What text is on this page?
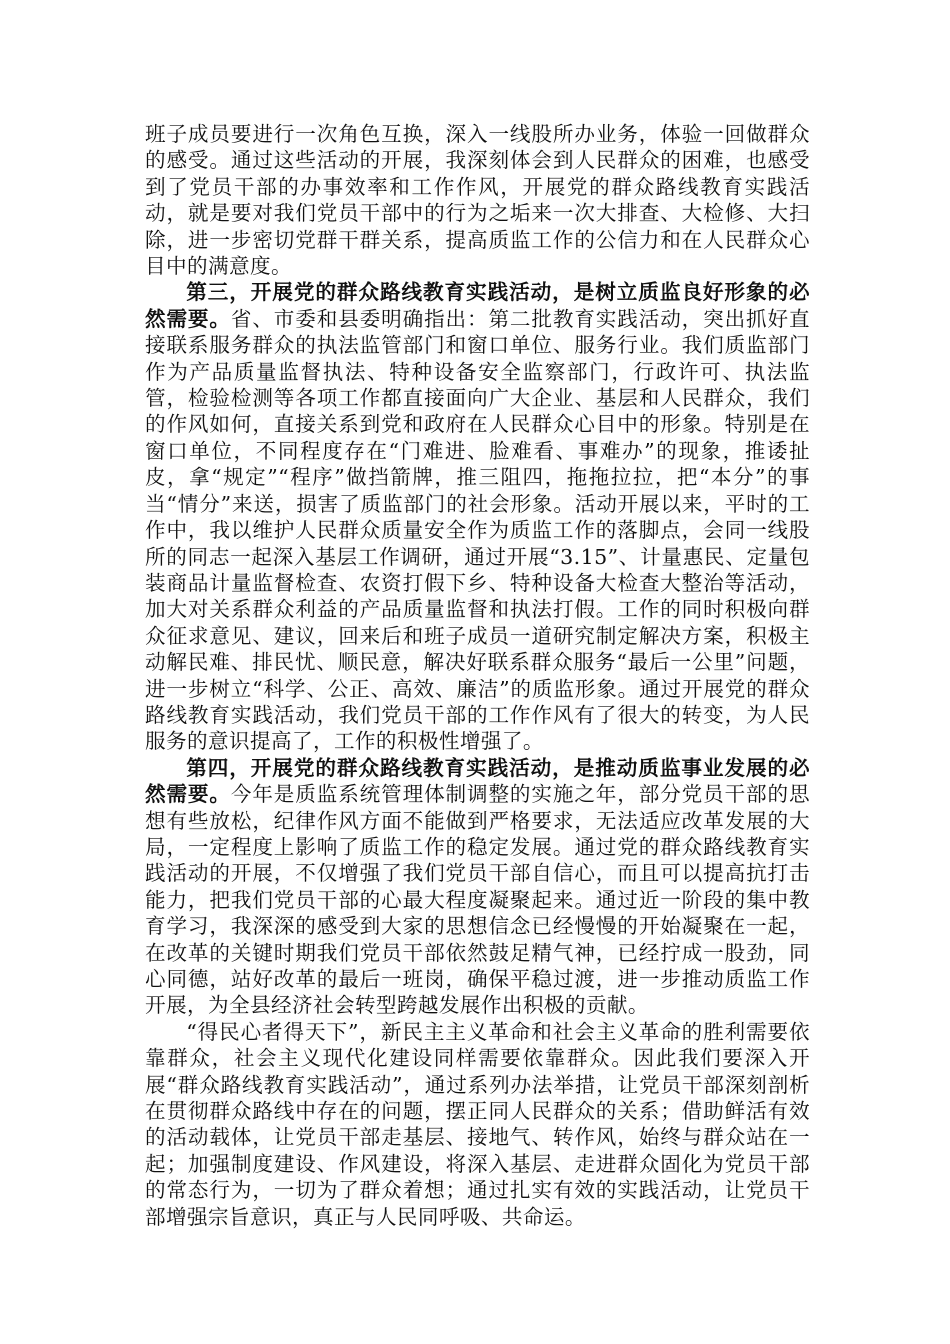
班子成员要进行一次角色互换，深入一线股所办业务，体验一回做群众的感受。通过这些活动的开展，我深刻体会到人民群众的困难，也感受到了党员干部的办事效率和工作作风，开展党的群众路线教育实践活动，就是要对我们党员干部中的行为之垢来一次大排查、大检修、大扫除，进一步密切党群干群关系，提高质监工作的公信力和在人民群众心目中的满意度。

第三，开展党的群众路线教育实践活动，是树立质监良好形象的必然需要。省、市委和县委明确指出：第二批教育实践活动，突出抓好直接联系服务群众的执法监管部门和窗口单位、服务行业。我们质监部门作为产品质量监督执法、特种设备安全监察部门，行政许可、执法监管，检验检测等各项工作都直接面向广大企业、基层和人民群众，我们的作风如何，直接关系到党和政府在人民群众心目中的形象。特别是在窗口单位，不同程度存在“门难进、脸难看、事难办”的现象，推诿扯皮，拿“规定”“程序”做挡箭牌，推三阻四，拖拖拉拉，把“本分”的事当“情分”来送，损害了质监部门的社会形象。活动开展以来，平时的工作中，我以维护人民群众质量安全作为质监工作的落脚点，会同一线股所的同志一起深入基层工作调研，通过开展“3.15”、计量惠民、定量包装商品计量监督检查、农资打假下乡、特种设备大检查大整治等活动，加大对关系群众利益的产品质量监督和执法打假。工作的同时积极向群众征求意见、建议，回来后和班子成员一道研究制定解决方案，积极主动解民难、排民忧、顺民意，解决好联系群众服务“最后一公里”问题，进一步树立“科学、公正、高效、廉洁”的质监形象。通过开展党的群众路线教育实践活动，我们党员干部的工作作风有了很大的转变，为人民服务的意识提高了，工作的积极性增强了。

第四，开展党的群众路线教育实践活动，是推动质监事业发展的必然需要。今年是质监系统管理体制调整的实施之年，部分党员干部的思想有些放松，纪律作风方面不能做到严格要求，无法适应改革发展的大局，一定程度上影响了质监工作的稳定发展。通过党的群众路线教育实践活动的开展，不仅增强了我们党员干部自信心，而且可以提高抗打击能力，把我们党员干部的心最大程度凝聚起来。通过近一阶段的集中教育学习，我深深的感受到大家的思想信念已经慢慢的开始凝聚在一起，在改革的关键时期我们党员干部依然鼓足精气神，已经拧成一股劲，同心同德，站好改革的最后一班岗，确保平稳过渡，进一步推动质监工作开展，为全县经济社会转型跨越发展作出积极的贡献。

“得民心者得天下”，新民主主义革命和社会主义革命的胜利需要依靠群众，社会主义现代化建设同样需要依靠群众。因此我们要深入开展“群众路线教育实践活动”，通过系列办法举措，让党员干部深刻剖析在贯彻群众路线中存在的问题，摆正同人民群众的关系；借助鲜活有效的活动载体，让党员干部走基层、接地气、转作风，始终与群众站在一起；加强制度建设、作风建设，将深入基层、走进群众固化为党员干部的常态行为，一切为了群众着想；通过扎实有效的实践活动，让党员干部增强宗旨意识，真正与人民同呼吸、共命运。
